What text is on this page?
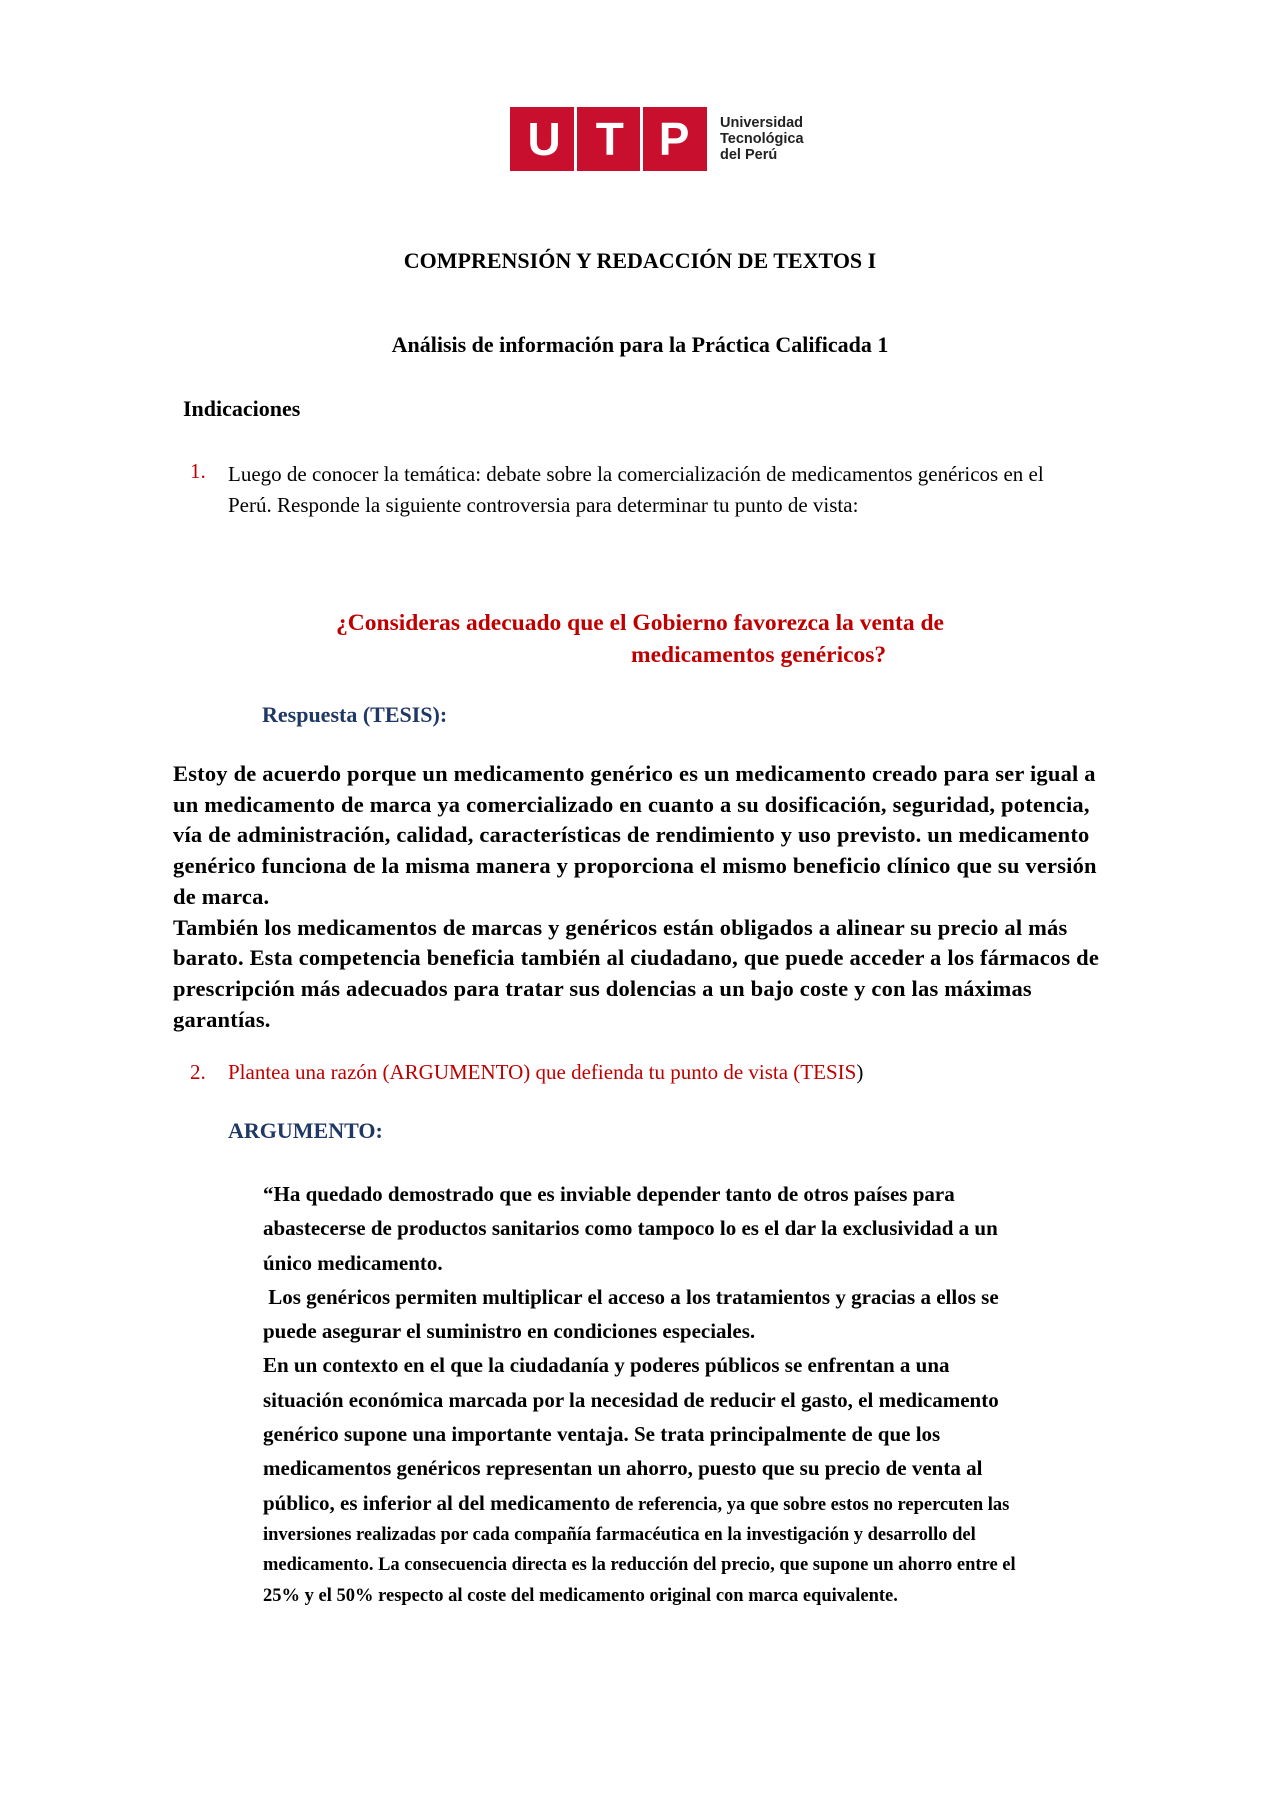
U T P Universidad
Tecnológica
del Perú
COMPRENSIÓN Y REDACCIÓN DE TEXTOS I
Análisis de información para la Práctica Calificada 1
Indicaciones
1. Luego de conocer la temática: debate sobre la comercialización de medicamentos genéricos en el Perú. Responde la siguiente controversia para determinar tu punto de vista:
¿Consideras adecuado que el Gobierno favorezca la venta de
medicamentos genéricos?
Respuesta (TESIS):

Estoy de acuerdo porque un medicamento genérico es un medicamento creado para ser igual a un medicamento de marca ya comercializado en cuanto a su dosificación, seguridad, potencia, vía de administración, calidad, características de rendimiento y uso previsto. un medicamento genérico funciona de la misma manera y proporciona el mismo beneficio clínico que su versión de marca.

También los medicamentos de marcas y genéricos están obligados a alinear su precio al más barato. Esta competencia beneficia también al ciudadano, que puede acceder a los fármacos de prescripción más adecuados para tratar sus dolencias a un bajo coste y con las máximas garantías.

2. Plantea una razón (ARGUMENTO) que defienda tu punto de vista (TESIS)
ARGUMENTO:

“Ha quedado demostrado que es inviable depender tanto de otros países para abastecerse de productos sanitarios como tampoco lo es el dar la exclusividad a un único medicamento.

Los genéricos permiten multiplicar el acceso a los tratamientos y gracias a ellos se puede asegurar el suministro en condiciones especiales.

En un contexto en el que la ciudadanía y poderes públicos se enfrentan a una situación económica marcada por la necesidad de reducir el gasto, el medicamento genérico supone una importante ventaja. Se trata principalmente de que los medicamentos genéricos representan un ahorro, puesto que su precio de venta al público, es inferior al del medicamento de referencia, ya que sobre estos no repercuten las inversiones realizadas por cada compañía farmacéutica en la investigación y desarrollo del medicamento. La consecuencia directa es la reducción del precio, que supone un ahorro entre el 25% y el 50% respecto al coste del medicamento original con marca equivalente.
